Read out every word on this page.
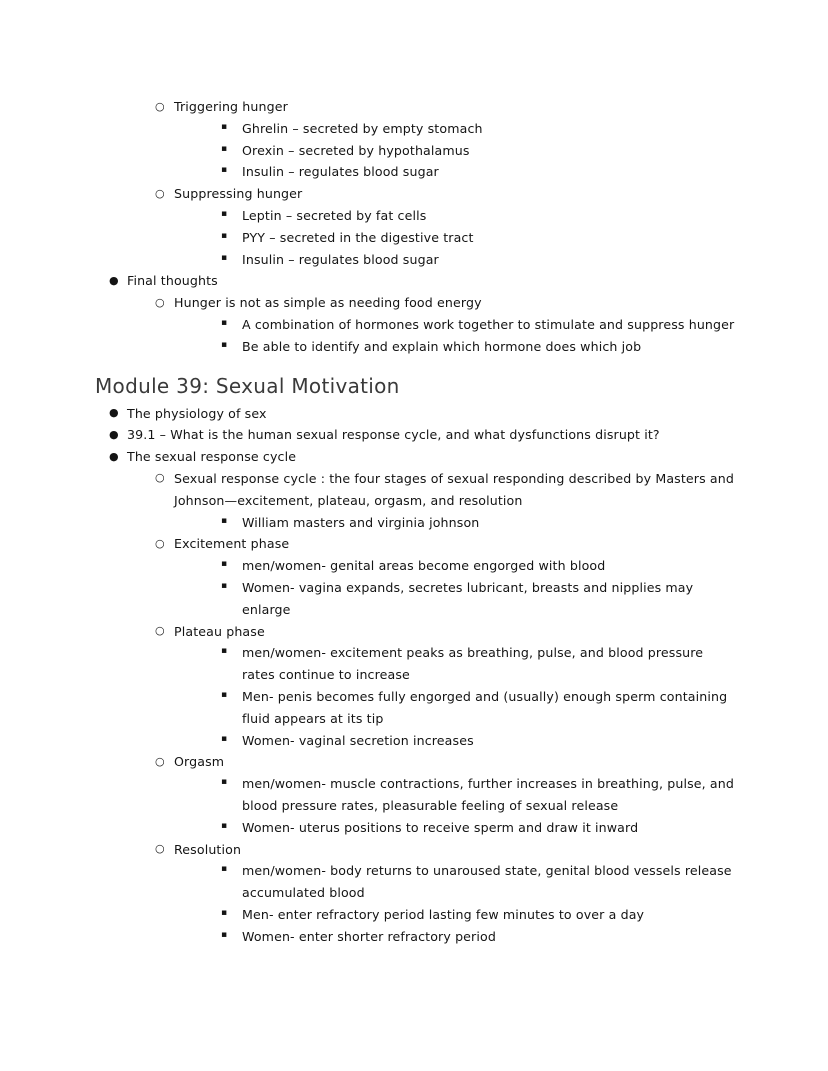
○ Triggering hunger
▪	Ghrelin – secreted by empty stomach
▪	Orexin – secreted by hypothalamus
▪	Insulin – regulates blood sugar
○ Suppressing hunger
▪	Leptin – secreted by fat cells
▪	PYY – secreted in the digestive tract
▪	Insulin – regulates blood sugar
● Final thoughts
○ Hunger is not as simple as needing food energy
▪	A combination of hormones work together to stimulate and suppress hunger
▪	Be able to identify and explain which hormone does which job
Module 39: Sexual Motivation
● The physiology of sex
● 39.1 – What is the human sexual response cycle, and what dysfunctions disrupt it?
● The sexual response cycle
○ Sexual response cycle : the four stages of sexual responding described by Masters and Johnson—excitement, plateau, orgasm, and resolution
▪	William masters and virginia johnson
○ Excitement phase
▪	men/women- genital areas become engorged with blood
▪	Women- vagina expands, secretes lubricant, breasts and nipplies may enlarge
○ Plateau phase
▪	men/women- excitement peaks as breathing, pulse, and blood pressure rates continue to increase
▪	Men- penis becomes fully engorged and (usually) enough sperm containing fluid appears at its tip
▪	Women- vaginal secretion increases
○ Orgasm
▪	men/women- muscle contractions, further increases in breathing, pulse, and blood pressure rates, pleasurable feeling of sexual release
▪	Women- uterus positions to receive sperm and draw it inward
○ Resolution
▪	men/women- body returns to unaroused state, genital blood vessels release accumulated blood
▪	Men- enter refractory period lasting few minutes to over a day
▪	Women- enter shorter refractory period
